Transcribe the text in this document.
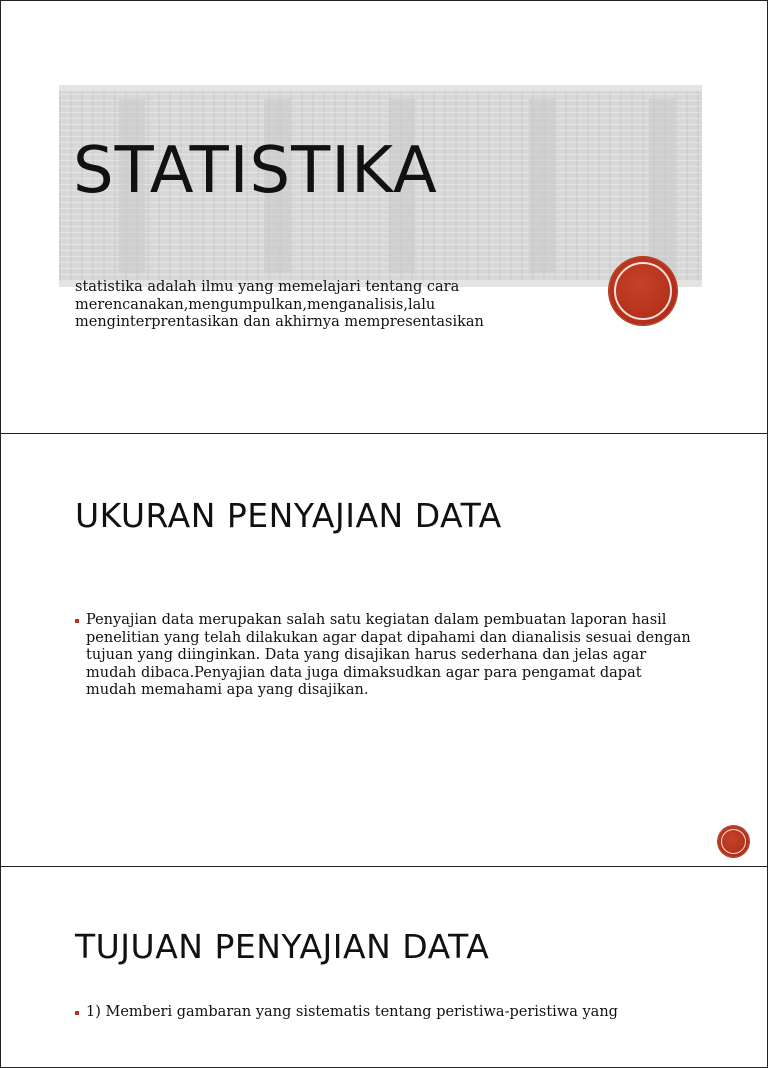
STATISTIKA

statistika adalah ilmu yang memelajari tentang cara merencanakan,mengumpulkan,menganalisis,lalu menginterprentasikan dan akhirnya mempresentasikan

UKURAN PENYAJIAN DATA
Penyajian data merupakan salah satu kegiatan dalam pembuatan laporan hasil penelitian yang telah dilakukan agar dapat dipahami dan dianalisis sesuai dengan tujuan yang diinginkan. Data yang disajikan harus sederhana dan jelas agar mudah dibaca.Penyajian data juga dimaksudkan agar para pengamat dapat mudah memahami apa yang disajikan.
TUJUAN PENYAJIAN DATA
1) Memberi gambaran yang sistematis tentang peristiwa-peristiwa yang
